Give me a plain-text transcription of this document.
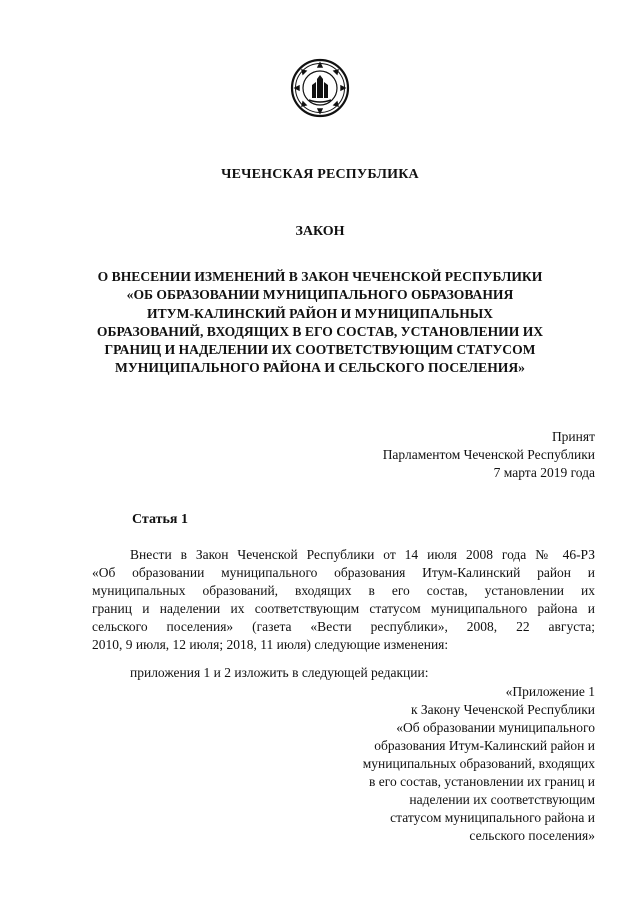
ЧЕЧЕНСКАЯ РЕСПУБЛИКА
ЗАКОН
О ВНЕСЕНИИ ИЗМЕНЕНИЙ В ЗАКОН ЧЕЧЕНСКОЙ РЕСПУБЛИКИ
«ОБ ОБРАЗОВАНИИ МУНИЦИПАЛЬНОГО ОБРАЗОВАНИЯ
ИТУМ-КАЛИНСКИЙ РАЙОН И МУНИЦИПАЛЬНЫХ
ОБРАЗОВАНИЙ, ВХОДЯЩИХ В ЕГО СОСТАВ, УСТАНОВЛЕНИИ ИХ
ГРАНИЦ И НАДЕЛЕНИИ ИХ СООТВЕТСТВУЮЩИМ СТАТУСОМ
МУНИЦИПАЛЬНОГО РАЙОНА И СЕЛЬСКОГО ПОСЕЛЕНИЯ»
Принят
Парламентом Чеченской Республики
7 марта 2019 года
Статья 1
Внести в Закон Чеченской Республики от 14 июля 2008 года № 46-РЗ
«Об образовании муниципального образования Итум-Калинский район и
муниципальных образований, входящих в его состав, установлении их
границ и наделении их соответствующим статусом муниципального района и
сельского поселения» (газета «Вести республики», 2008, 22 августа;
2010, 9 июля, 12 июля; 2018, 11 июля) следующие изменения:
приложения 1 и 2 изложить в следующей редакции:
«Приложение 1
к Закону Чеченской Республики
«Об образовании муниципального
образования Итум-Калинский район и
муниципальных образований, входящих
в его состав, установлении их границ и
наделении их соответствующим
статусом муниципального района и
сельского поселения»
